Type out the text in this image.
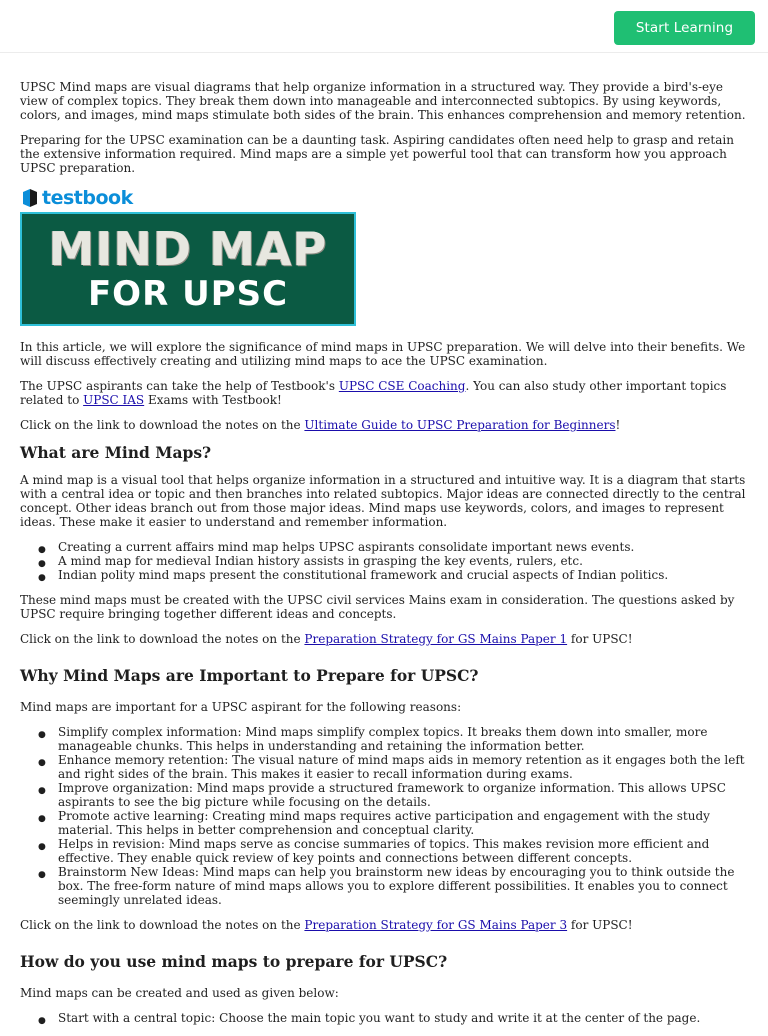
Start Learning

UPSC Mind maps are visual diagrams that help organize information in a structured way. They provide a bird's-eye view of complex topics. They break them down into manageable and interconnected subtopics. By using keywords, colors, and images, mind maps stimulate both sides of the brain. This enhances comprehension and memory retention.

Preparing for the UPSC examination can be a daunting task. Aspiring candidates often need help to grasp and retain the extensive information required. Mind maps are a simple yet powerful tool that can transform how you approach UPSC preparation.

testbook
MIND MAP
FOR UPSC

In this article, we will explore the significance of mind maps in UPSC preparation. We will delve into their benefits. We will discuss effectively creating and utilizing mind maps to ace the UPSC examination.

The UPSC aspirants can take the help of Testbook's UPSC CSE Coaching. You can also study other important topics related to UPSC IAS Exams with Testbook!

Click on the link to download the notes on the Ultimate Guide to UPSC Preparation for Beginners!

What are Mind Maps?

A mind map is a visual tool that helps organize information in a structured and intuitive way. It is a diagram that starts with a central idea or topic and then branches into related subtopics. Major ideas are connected directly to the central concept. Other ideas branch out from those major ideas. Mind maps use keywords, colors, and images to represent ideas. These make it easier to understand and remember information.

● Creating a current affairs mind map helps UPSC aspirants consolidate important news events.
● A mind map for medieval Indian history assists in grasping the key events, rulers, etc.
● Indian polity mind maps present the constitutional framework and crucial aspects of Indian politics.

These mind maps must be created with the UPSC civil services Mains exam in consideration. The questions asked by UPSC require bringing together different ideas and concepts.

Click on the link to download the notes on the Preparation Strategy for GS Mains Paper 1 for UPSC!

Why Mind Maps are Important to Prepare for UPSC?

Mind maps are important for a UPSC aspirant for the following reasons:

● Simplify complex information: Mind maps simplify complex topics. It breaks them down into smaller, more manageable chunks. This helps in understanding and retaining the information better.
● Enhance memory retention: The visual nature of mind maps aids in memory retention as it engages both the left and right sides of the brain. This makes it easier to recall information during exams.
● Improve organization: Mind maps provide a structured framework to organize information. This allows UPSC aspirants to see the big picture while focusing on the details.
● Promote active learning: Creating mind maps requires active participation and engagement with the study material. This helps in better comprehension and conceptual clarity.
● Helps in revision: Mind maps serve as concise summaries of topics. This makes revision more efficient and effective. They enable quick review of key points and connections between different concepts.
● Brainstorm New Ideas: Mind maps can help you brainstorm new ideas by encouraging you to think outside the box. The free-form nature of mind maps allows you to explore different possibilities. It enables you to connect seemingly unrelated ideas.

Click on the link to download the notes on the Preparation Strategy for GS Mains Paper 3 for UPSC!

How do you use mind maps to prepare for UPSC?

Mind maps can be created and used as given below:

● Start with a central topic: Choose the main topic you want to study and write it at the center of the page.
